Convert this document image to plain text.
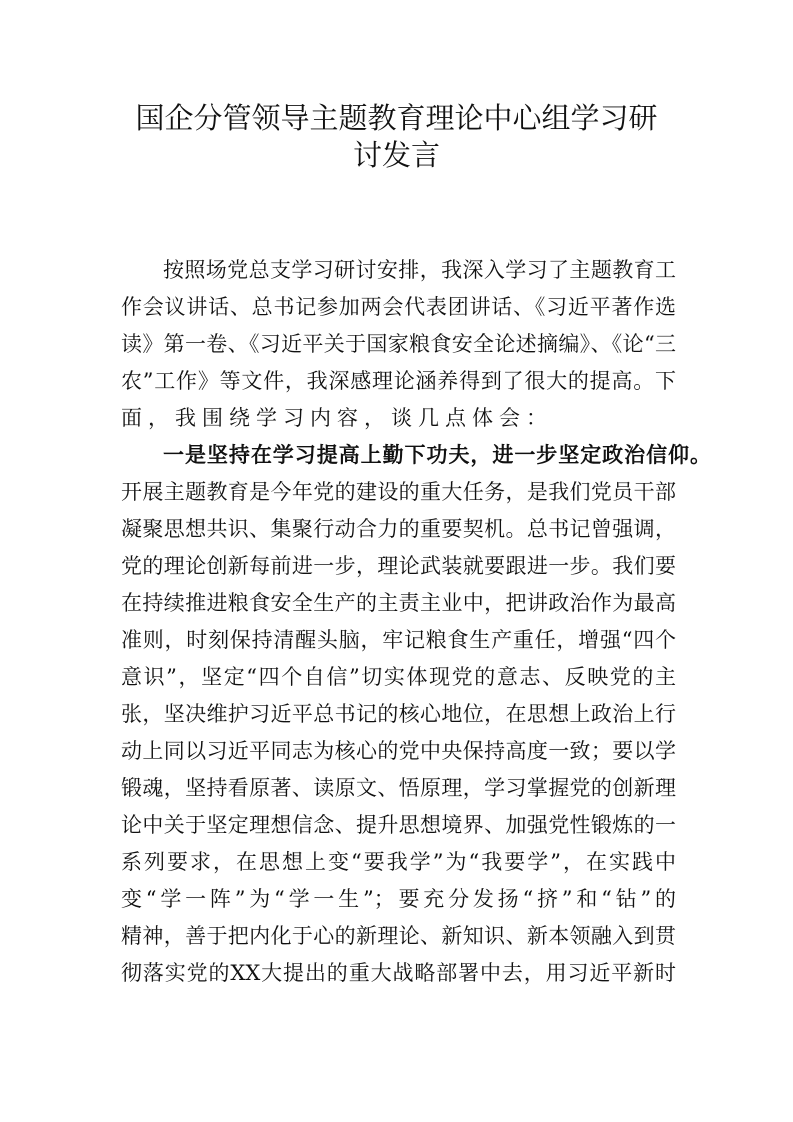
国企分管领导主题教育理论中心组学习研
讨发言
按照场党总支学习研讨安排，我深入学习了主题教育工
作会议讲话、总书记参加两会代表团讲话、《习近平著作选
读》第一卷、《习近平关于国家粮食安全论述摘编》、《论“三
农”工作》等文件，我深感理论涵养得到了很大的提高。下
面，我围绕学习内容，谈几点体会：
一是坚持在学习提高上勤下功夫，进一步坚定政治信仰。
开展主题教育是今年党的建设的重大任务，是我们党员干部
凝聚思想共识、集聚行动合力的重要契机。总书记曾强调，
党的理论创新每前进一步，理论武装就要跟进一步。我们要
在持续推进粮食安全生产的主责主业中，把讲政治作为最高
准则，时刻保持清醒头脑，牢记粮食生产重任，增强“四个
意识”，坚定“四个自信”切实体现党的意志、反映党的主
张，坚决维护习近平总书记的核心地位，在思想上政治上行
动上同以习近平同志为核心的党中央保持高度一致；要以学
锻魂，坚持看原著、读原文、悟原理，学习掌握党的创新理
论中关于坚定理想信念、提升思想境界、加强党性锻炼的一
系列要求，在思想上变“要我学”为“我要学”，在实践中
变“学一阵”为“学一生”；要充分发扬“挤”和“钻”的
精神，善于把内化于心的新理论、新知识、新本领融入到贯
彻落实党的XX大提出的重大战略部署中去，用习近平新时
